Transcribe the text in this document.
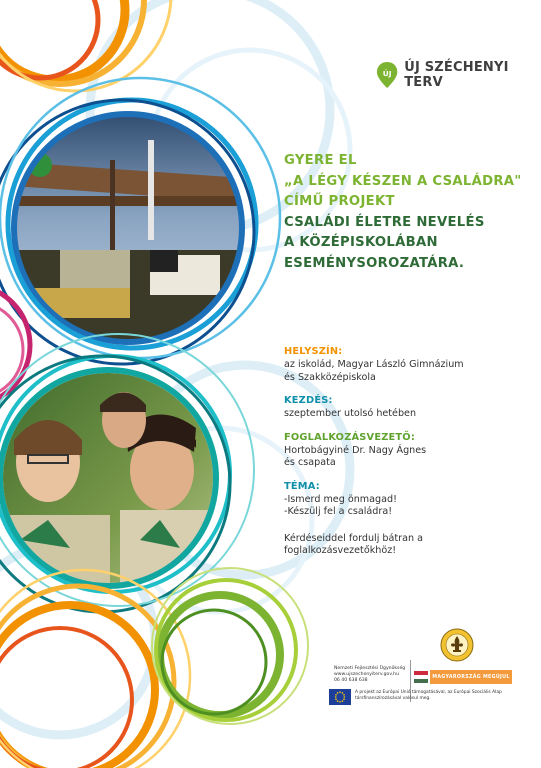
ÚJ ÚJ SZÉCHENYI TERV
GYERE EL
„A LÉGY KÉSZEN A CSALÁDRA"
CÍMŰ PROJEKT
CSALÁDI ÉLETRE NEVELÉS
A KÖZÉPISKOLÁBAN
ESEMÉNYSOROZATÁRA.
HELYSZÍN:
az iskolád, Magyar László Gimnázium
és Szakközépiskola
KEZDÉS:
szeptember utolsó hetében
FOGLALKOZÁSVEZETŐ:
Hortobágyiné Dr. Nagy Ágnes
és csapata
TÉMA:
-Ismerd meg önmagad!
-Készülj fel a családra!
Kérdéseiddel fordulj bátran a
foglalkozásvezetőkhöz!
Nemzeti Fejlesztési Ügynökség
www.ujszechenyiterv.gov.hu
06 40 638 638
MAGYARORSZÁG MEGÚJUL
A projekt az Európai Unió támogatásával, az Európai Szociális Alap
társfinanszírozásával valósul meg.
